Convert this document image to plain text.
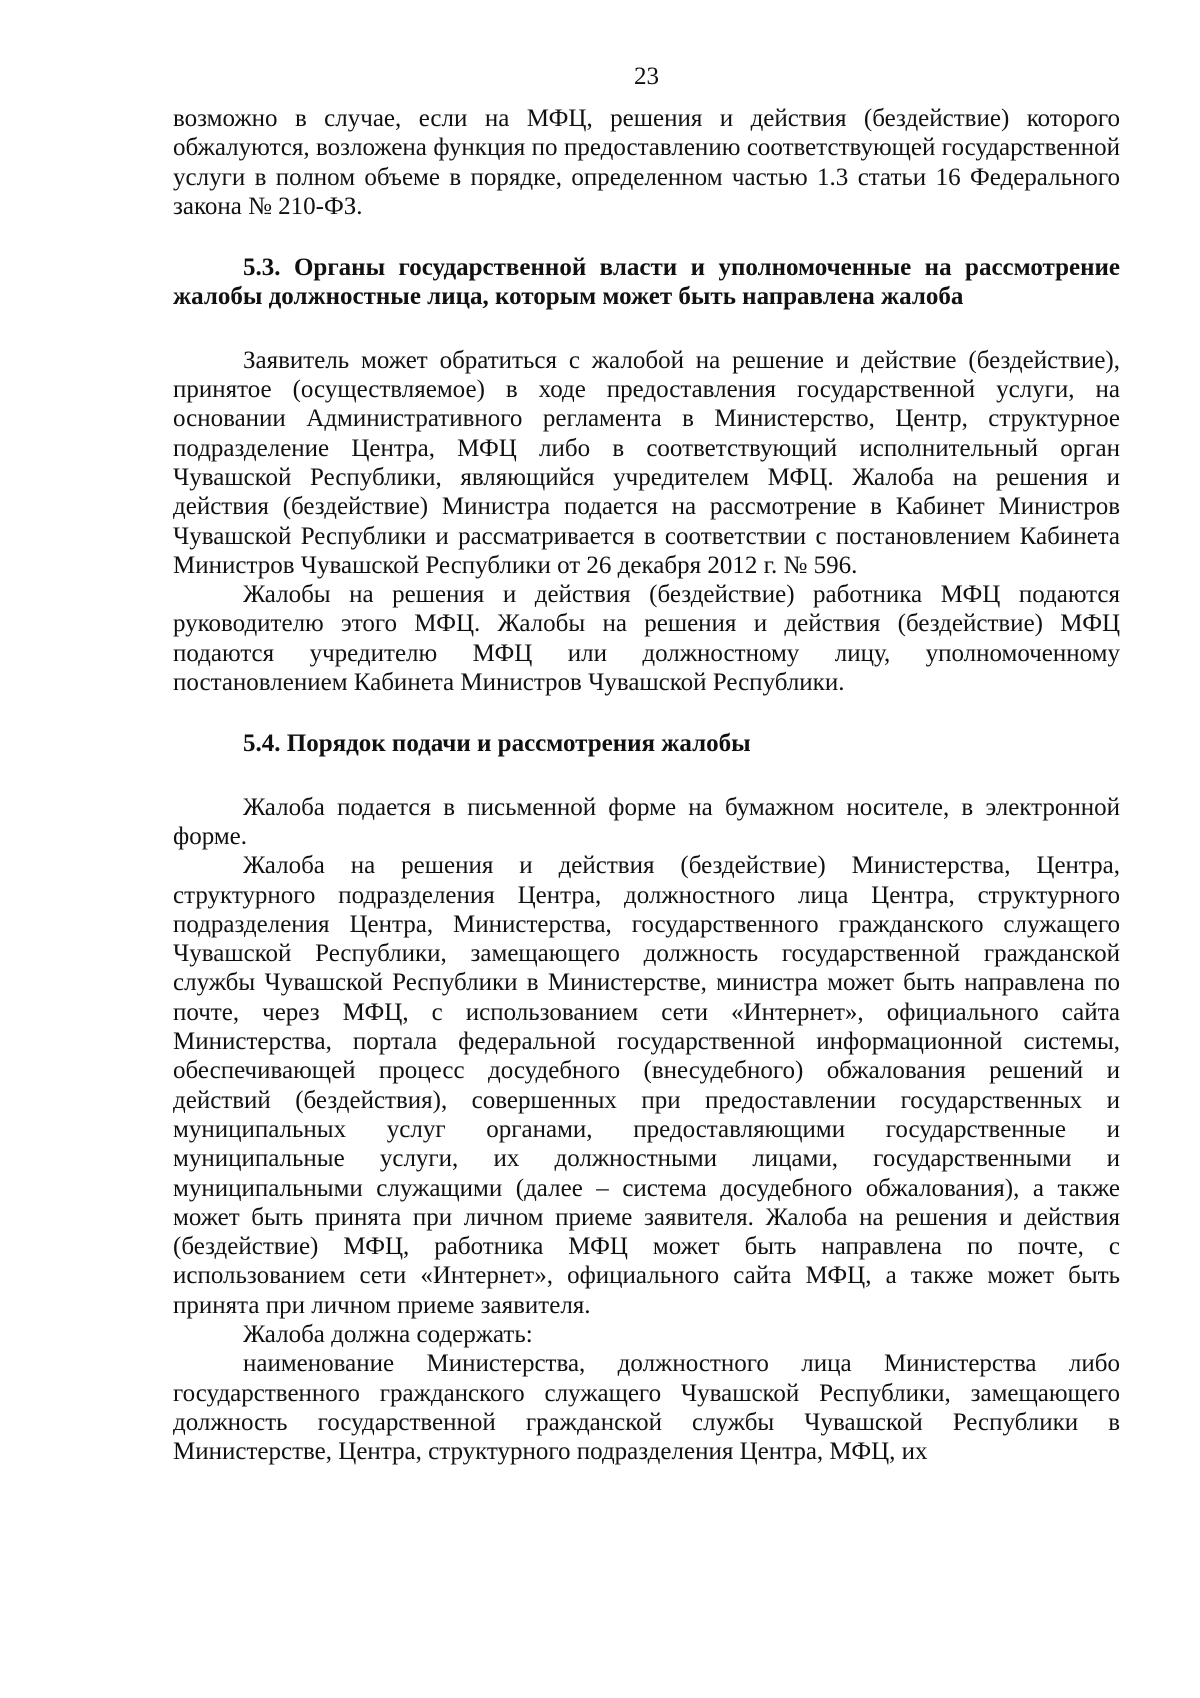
23

возможно в случае, если на МФЦ, решения и действия (бездействие) которого обжалуются, возложена функция по предоставлению соответствующей государственной услуги в полном объеме в порядке, определенном частью 1.3 статьи 16 Федерального закона № 210-ФЗ.

5.3. Органы государственной власти и уполномоченные на рассмотрение жалобы должностные лица, которым может быть направлена жалоба

Заявитель может обратиться с жалобой на решение и действие (бездействие), принятое (осуществляемое) в ходе предоставления государственной услуги, на основании Административного регламента в Министерство, Центр, структурное подразделение Центра, МФЦ либо в соответствующий исполнительный орган Чувашской Республики, являющийся учредителем МФЦ. Жалоба на решения и действия (бездействие) Министра подается на рассмотрение в Кабинет Министров Чувашской Республики и рассматривается в соответствии с постановлением Кабинета Министров Чувашской Республики от 26 декабря 2012 г. № 596.

Жалобы на решения и действия (бездействие) работника МФЦ подаются руководителю этого МФЦ. Жалобы на решения и действия (бездействие) МФЦ подаются учредителю МФЦ или должностному лицу, уполномоченному постановлением Кабинета Министров Чувашской Республики.

5.4. Порядок подачи и рассмотрения жалобы

Жалоба подается в письменной форме на бумажном носителе, в электронной форме.

Жалоба на решения и действия (бездействие) Министерства, Центра, структурного подразделения Центра, должностного лица Центра, структурного подразделения Центра, Министерства, государственного гражданского служащего Чувашской Республики, замещающего должность государственной гражданской службы Чувашской Республики в Министерстве, министра может быть направлена по почте, через МФЦ, с использованием сети «Интернет», официального сайта Министерства, портала федеральной государственной информационной системы, обеспечивающей процесс досудебного (внесудебного) обжалования решений и действий (бездействия), совершенных при предоставлении государственных и муниципальных услуг органами, предоставляющими государственные и муниципальные услуги, их должностными лицами, государственными и муниципальными служащими (далее – система досудебного обжалования), а также может быть принята при личном приеме заявителя. Жалоба на решения и действия (бездействие) МФЦ, работника МФЦ может быть направлена по почте, с использованием сети «Интернет», официального сайта МФЦ, а также может быть принята при личном приеме заявителя.

Жалоба должна содержать:

наименование Министерства, должностного лица Министерства либо государственного гражданского служащего Чувашской Республики, замещающего должность государственной гражданской службы Чувашской Республики в Министерстве, Центра, структурного подразделения Центра, МФЦ, их
